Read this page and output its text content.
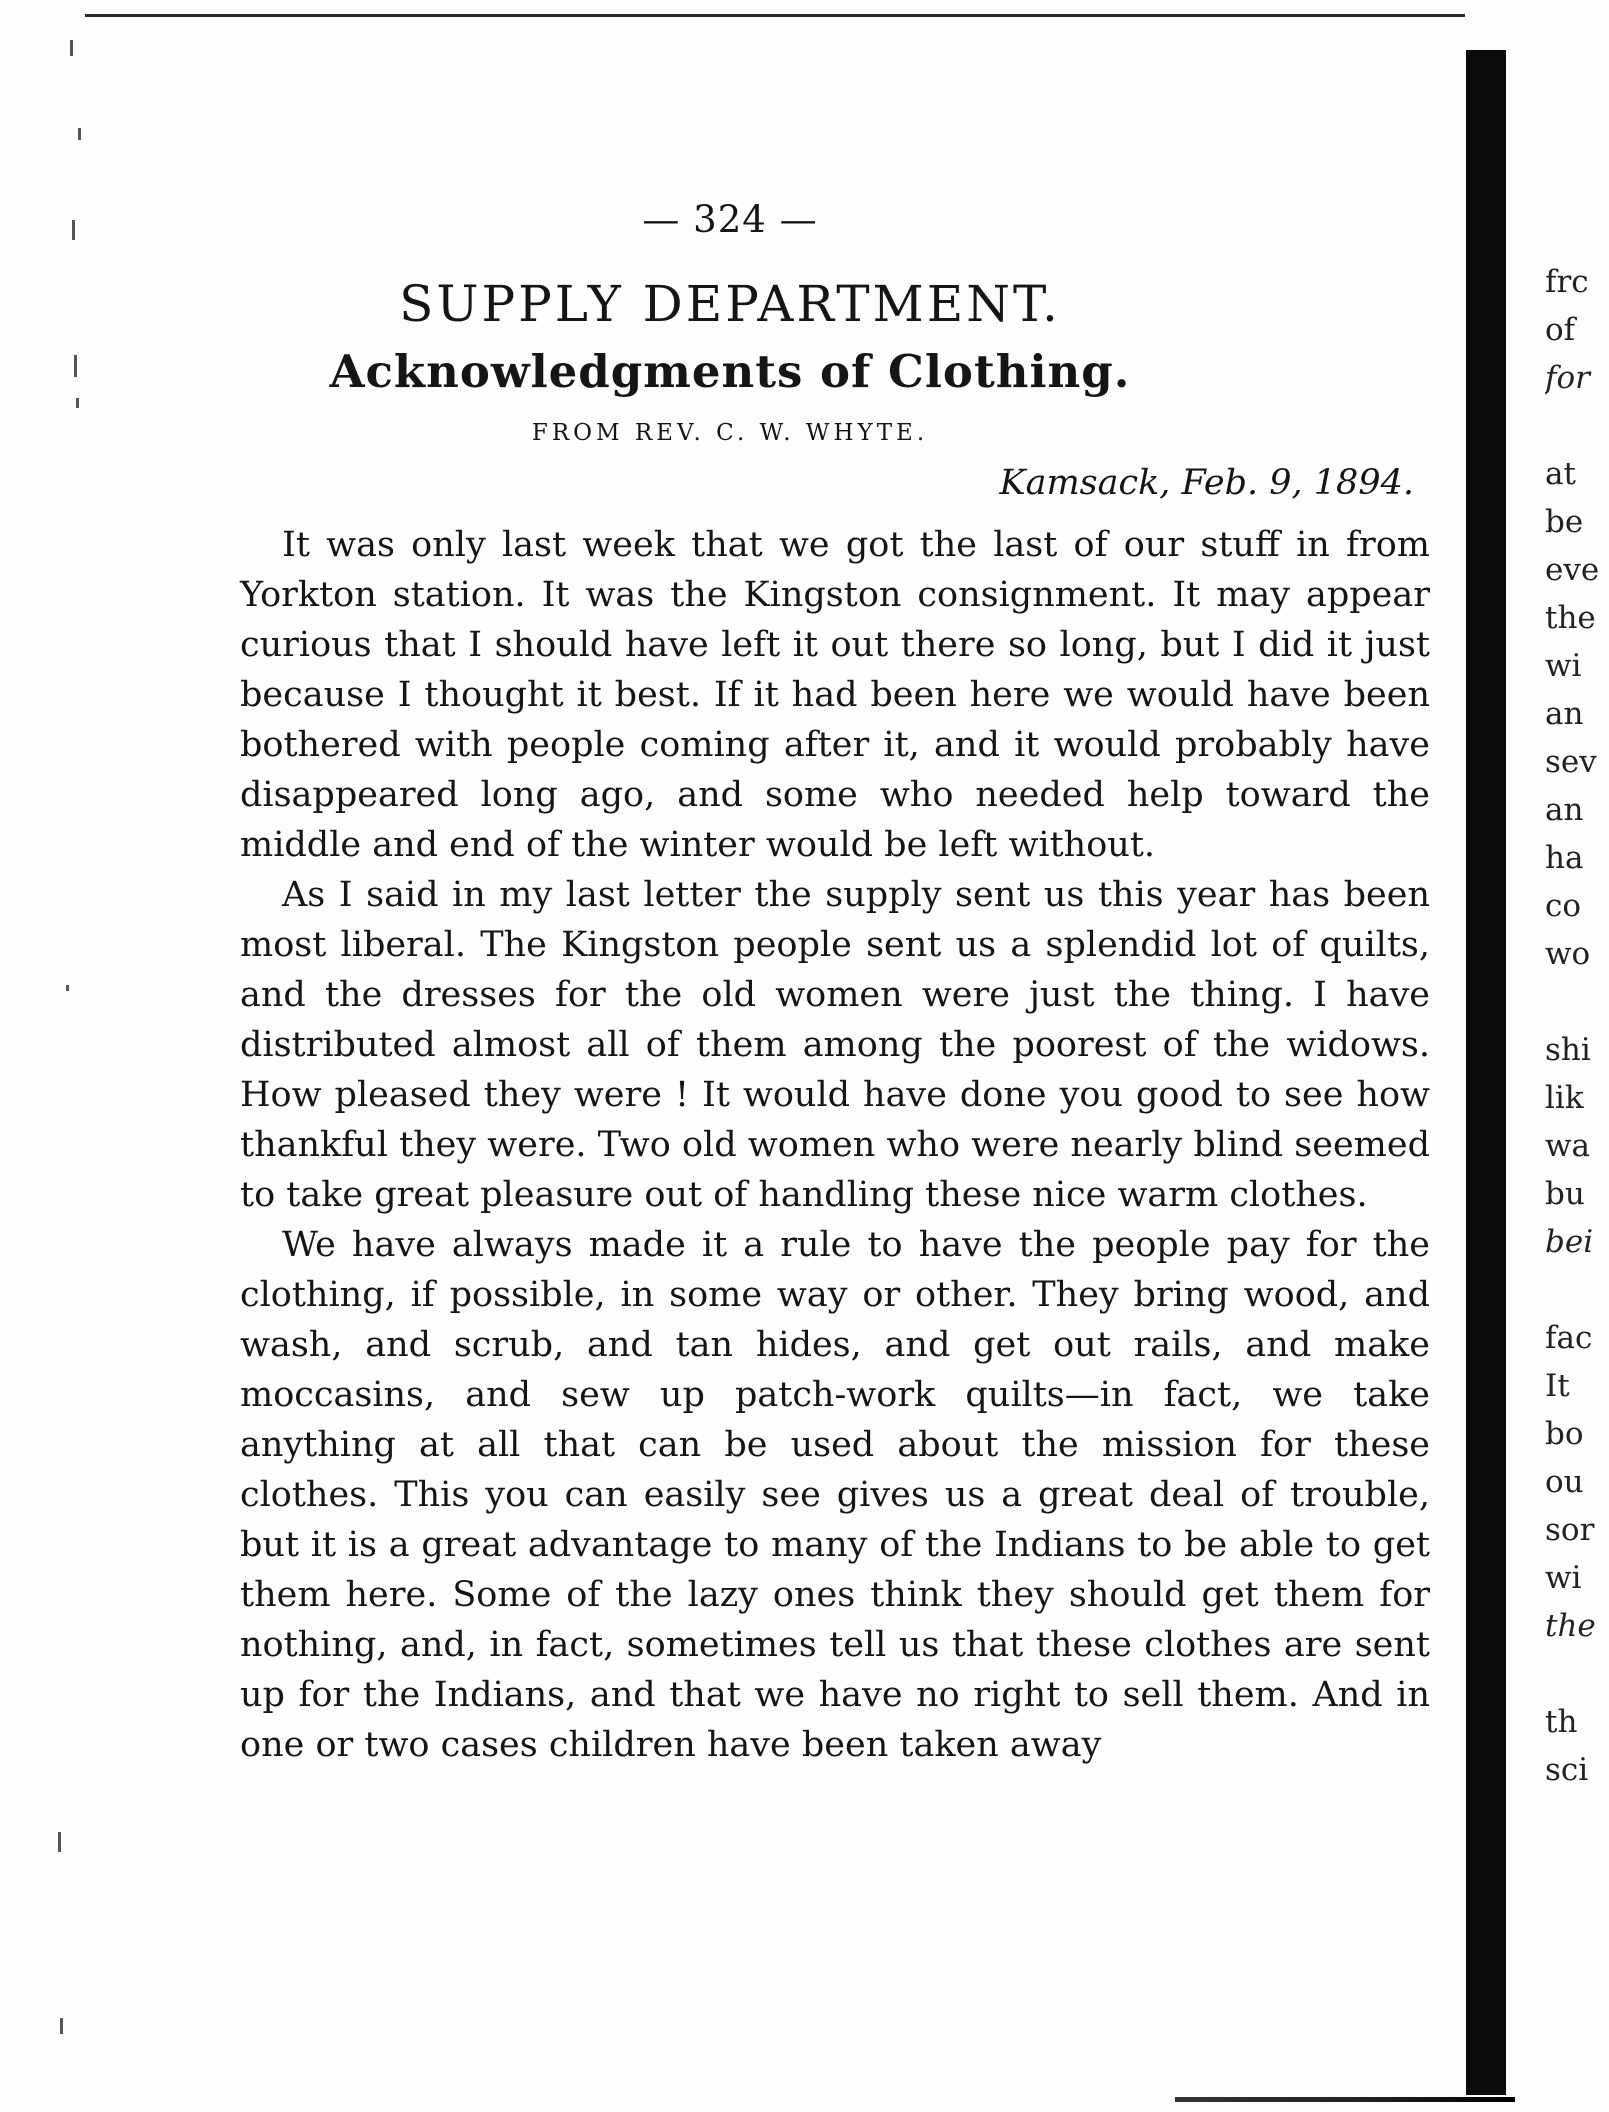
— 324 —
SUPPLY DEPARTMENT.
Acknowledgments of Clothing.
FROM REV. C. W. WHYTE.
Kamsack, Feb. 9, 1894.

It was only last week that we got the last of our stuff in from Yorkton station. It was the Kingston consignment. It may appear curious that I should have left it out there so long, but I did it just because I thought it best. If it had been here we would have been bothered with people coming after it, and it would probably have disappeared long ago, and some who needed help toward the middle and end of the winter would be left without.

As I said in my last letter the supply sent us this year has been most liberal. The Kingston people sent us a splendid lot of quilts, and the dresses for the old women were just the thing. I have distributed almost all of them among the poorest of the widows. How pleased they were ! It would have done you good to see how thankful they were. Two old women who were nearly blind seemed to take great pleasure out of handling these nice warm clothes.

We have always made it a rule to have the people pay for the clothing, if possible, in some way or other. They bring wood, and wash, and scrub, and tan hides, and get out rails, and make moccasins, and sew up patch-work quilts—in fact, we take anything at all that can be used about the mission for these clothes. This you can easily see gives us a great deal of trouble, but it is a great advantage to many of the Indians to be able to get them here. Some of the lazy ones think they should get them for nothing, and, in fact, sometimes tell us that these clothes are sent up for the Indians, and that we have no right to sell them. And in one or two cases children have been taken away

frc
of
for

at
be
eve
the
wi
an
sev
an
ha
co
wo

shi
lik
wa
bu
bei

fac
It
bo
ou
sor
wi
the

th
sci
